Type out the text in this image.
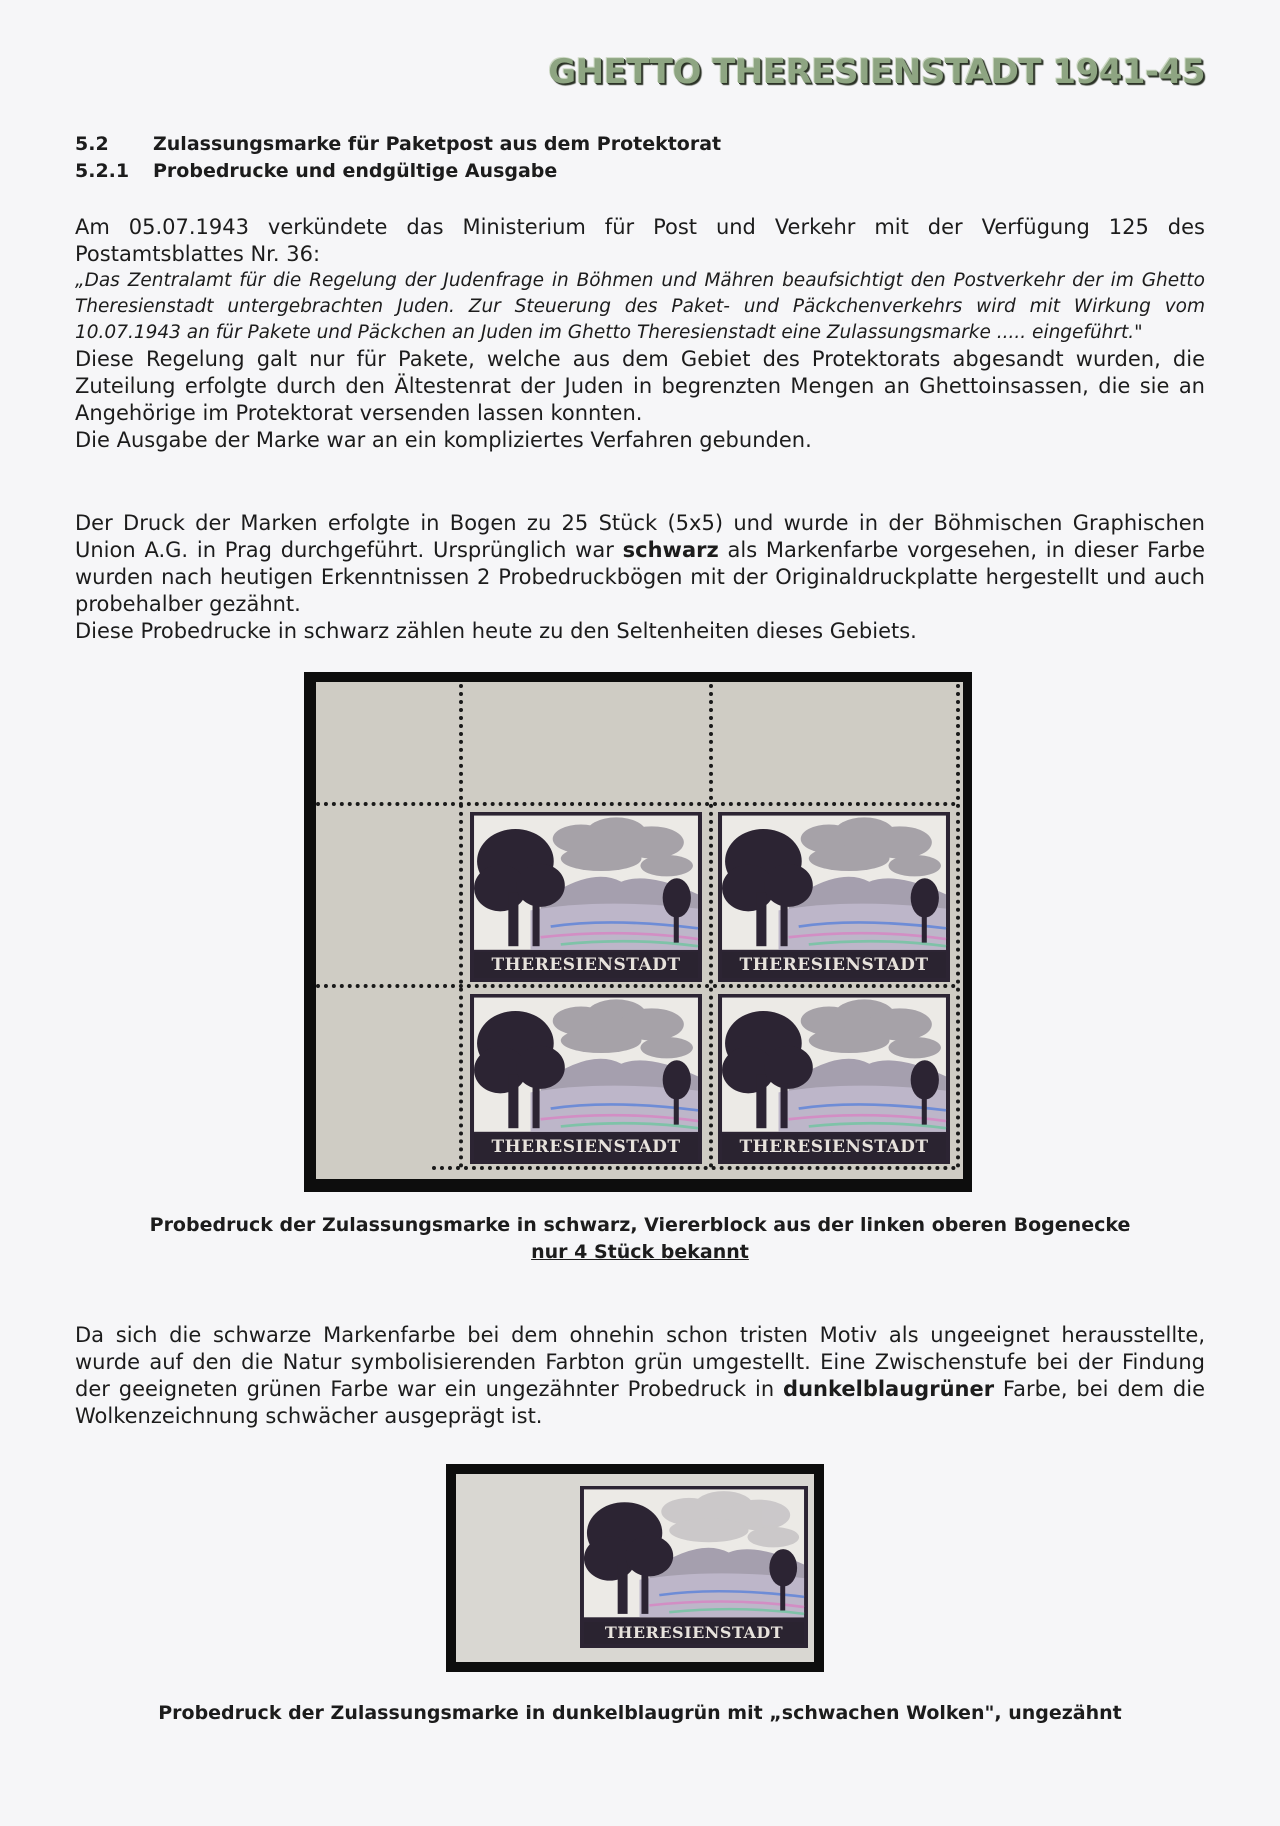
GHETTO THERESIENSTADT 1941-45
5.2 Zulassungsmarke für Paketpost aus dem Protektorat
5.2.1 Probedrucke und endgültige Ausgabe

Am 05.07.1943 verkündete das Ministerium für Post und Verkehr mit der Verfügung 125 des

Postamtsblattes Nr. 36:

„Das Zentralamt für die Regelung der Judenfrage in Böhmen und Mähren beaufsichtigt den Postverkehr der im Ghetto Theresienstadt untergebrachten Juden. Zur Steuerung des Paket- und Päckchenverkehrs wird mit Wirkung vom 10.07.1943 an für Pakete und Päckchen an Juden im Ghetto Theresienstadt eine Zulassungsmarke ..... eingeführt."

Diese Regelung galt nur für Pakete, welche aus dem Gebiet des Protektorats abgesandt wurden, die Zuteilung erfolgte durch den Ältestenrat der Juden in begrenzten Mengen an Ghettoinsassen, die sie an Angehörige im Protektorat versenden lassen konnten.

Die Ausgabe der Marke war an ein kompliziertes Verfahren gebunden.

Der Druck der Marken erfolgte in Bogen zu 25 Stück (5x5) und wurde in der Böhmischen Graphischen Union A.G. in Prag durchgeführt. Ursprünglich war schwarz als Markenfarbe vorgesehen, in dieser Farbe wurden nach heutigen Erkenntnissen 2 Probedruckbögen mit der Originaldruckplatte hergestellt und auch probehalber gezähnt.

Diese Probedrucke in schwarz zählen heute zu den Seltenheiten dieses Gebiets.

THERESIENSTADT	THERESIENSTADT
THERESIENSTADT	THERESIENSTADT
Probedruck der Zulassungsmarke in schwarz, Viererblock aus der linken oberen Bogenecke
nur 4 Stück bekannt

Da sich die schwarze Markenfarbe bei dem ohnehin schon tristen Motiv als ungeeignet herausstellte, wurde auf den die Natur symbolisierenden Farbton grün umgestellt. Eine Zwischenstufe bei der Findung der geeigneten grünen Farbe war ein ungezähnter Probedruck in dunkelblaugrüner Farbe, bei dem die Wolkenzeichnung schwächer ausgeprägt ist.

THERESIENSTADT
Probedruck der Zulassungsmarke in dunkelblaugrün mit „schwachen Wolken", ungezähnt
